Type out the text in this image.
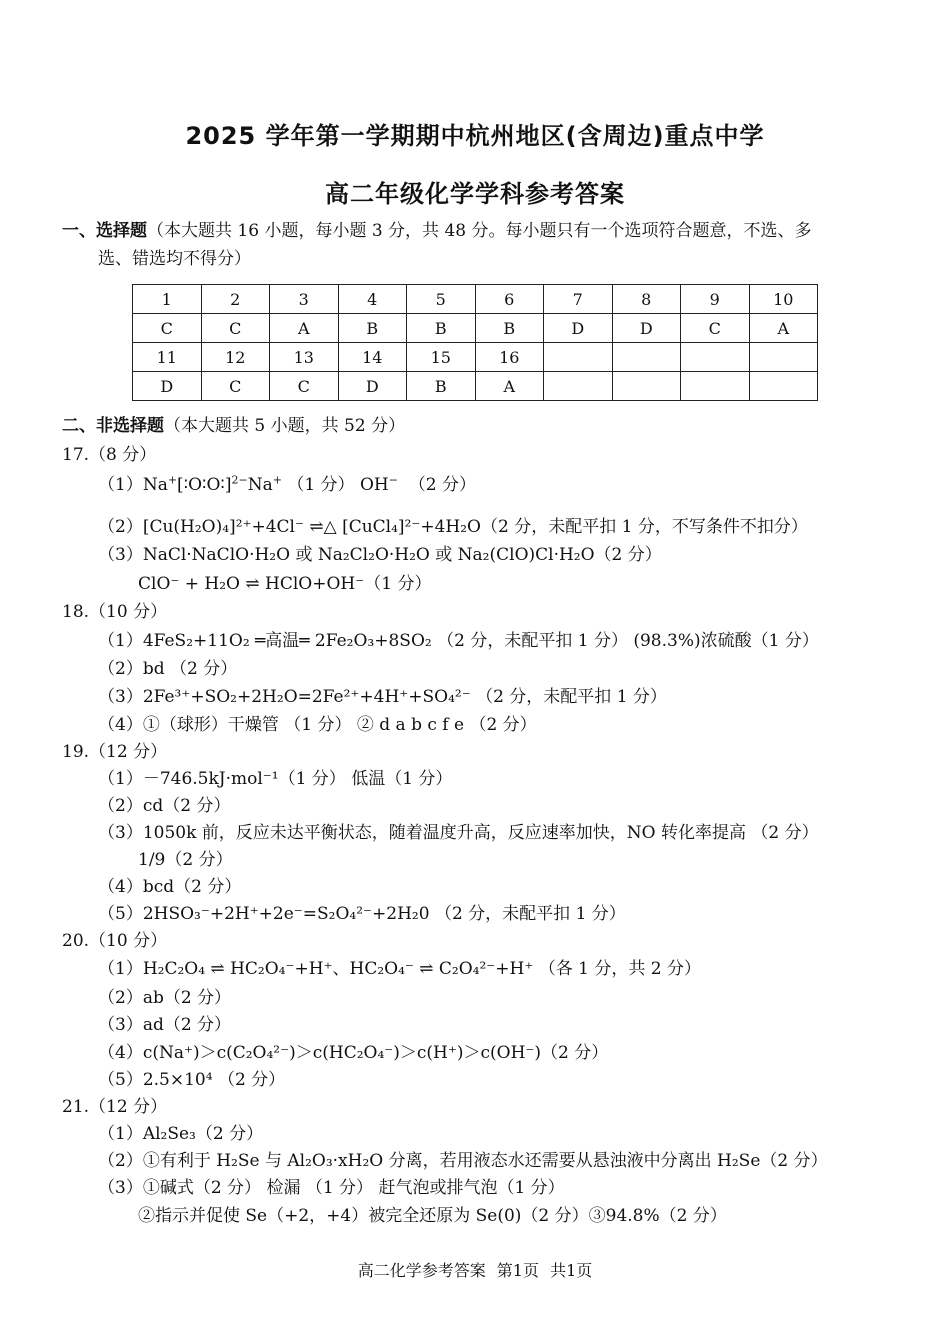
2025 学年第一学期期中杭州地区(含周边)重点中学
高二年级化学学科参考答案
一、选择题（本大题共 16 小题，每小题 3 分，共 48 分。每小题只有一个选项符合题意，不选、多
选、错选均不得分）
1	2	3	4	5	6	7	8	9	10
C	C	A	B	B	B	D	D	C	A
11	12	13	14	15	16				
D	C	C	D	B	A				
二、非选择题（本大题共 5 小题，共 52 分）
17.（8 分）
（1）Na+[∶O∶O∶]$^{2-}$Na+ （1 分） OH− （2 分）
（2）[Cu(H₂O)₄]²⁺+4Cl⁻ ⇌△ [CuCl₄]²⁻+4H₂O（2 分，未配平扣 1 分，不写条件不扣分）
（3）NaCl·NaClO·H₂O 或 Na₂Cl₂O·H₂O 或 Na₂(ClO)Cl·H₂O（2 分）
ClO⁻ + H₂O ⇌ HClO+OH⁻（1 分）
18.（10 分）
（1）4FeS₂+11O₂ ═高温═ 2Fe₂O₃+8SO₂ （2 分，未配平扣 1 分） (98.3%)浓硫酸（1 分）
（2）bd （2 分）
（3）2Fe³⁺+SO₂+2H₂O=2Fe²⁺+4H⁺+SO₄²⁻ （2 分，未配平扣 1 分）
（4）①（球形）干燥管 （1 分） ② d a b c f e （2 分）
19.（12 分）
（1）－746.5kJ·mol⁻¹（1 分） 低温（1 分）
（2）cd（2 分）
（3）1050k 前，反应未达平衡状态，随着温度升高，反应速率加快，NO 转化率提高 （2 分）
1/9（2 分）
（4）bcd（2 分）
（5）2HSO₃⁻+2H⁺+2e⁻=S₂O₄²⁻+2H₂0 （2 分，未配平扣 1 分）
20.（10 分）
（1）H₂C₂O₄ ⇌ HC₂O₄⁻+H⁺、HC₂O₄⁻ ⇌ C₂O₄²⁻+H⁺ （各 1 分，共 2 分）
（2）ab（2 分）
（3）ad（2 分）
（4）c(Na⁺)＞c(C₂O₄²⁻)＞c(HC₂O₄⁻)＞c(H⁺)＞c(OH⁻)（2 分）
（5）2.5×10⁴ （2 分）
21.（12 分）
（1）Al₂Se₃（2 分）
（2）①有利于 H₂Se 与 Al₂O₃·xH₂O 分离，若用液态水还需要从悬浊液中分离出 H₂Se（2 分）
（3）①碱式（2 分） 检漏 （1 分） 赶气泡或排气泡（1 分）
②指示并促使 Se（+2，+4）被完全还原为 Se(0)（2 分）③94.8%（2 分）
高二化学参考答案 第1页 共1页
